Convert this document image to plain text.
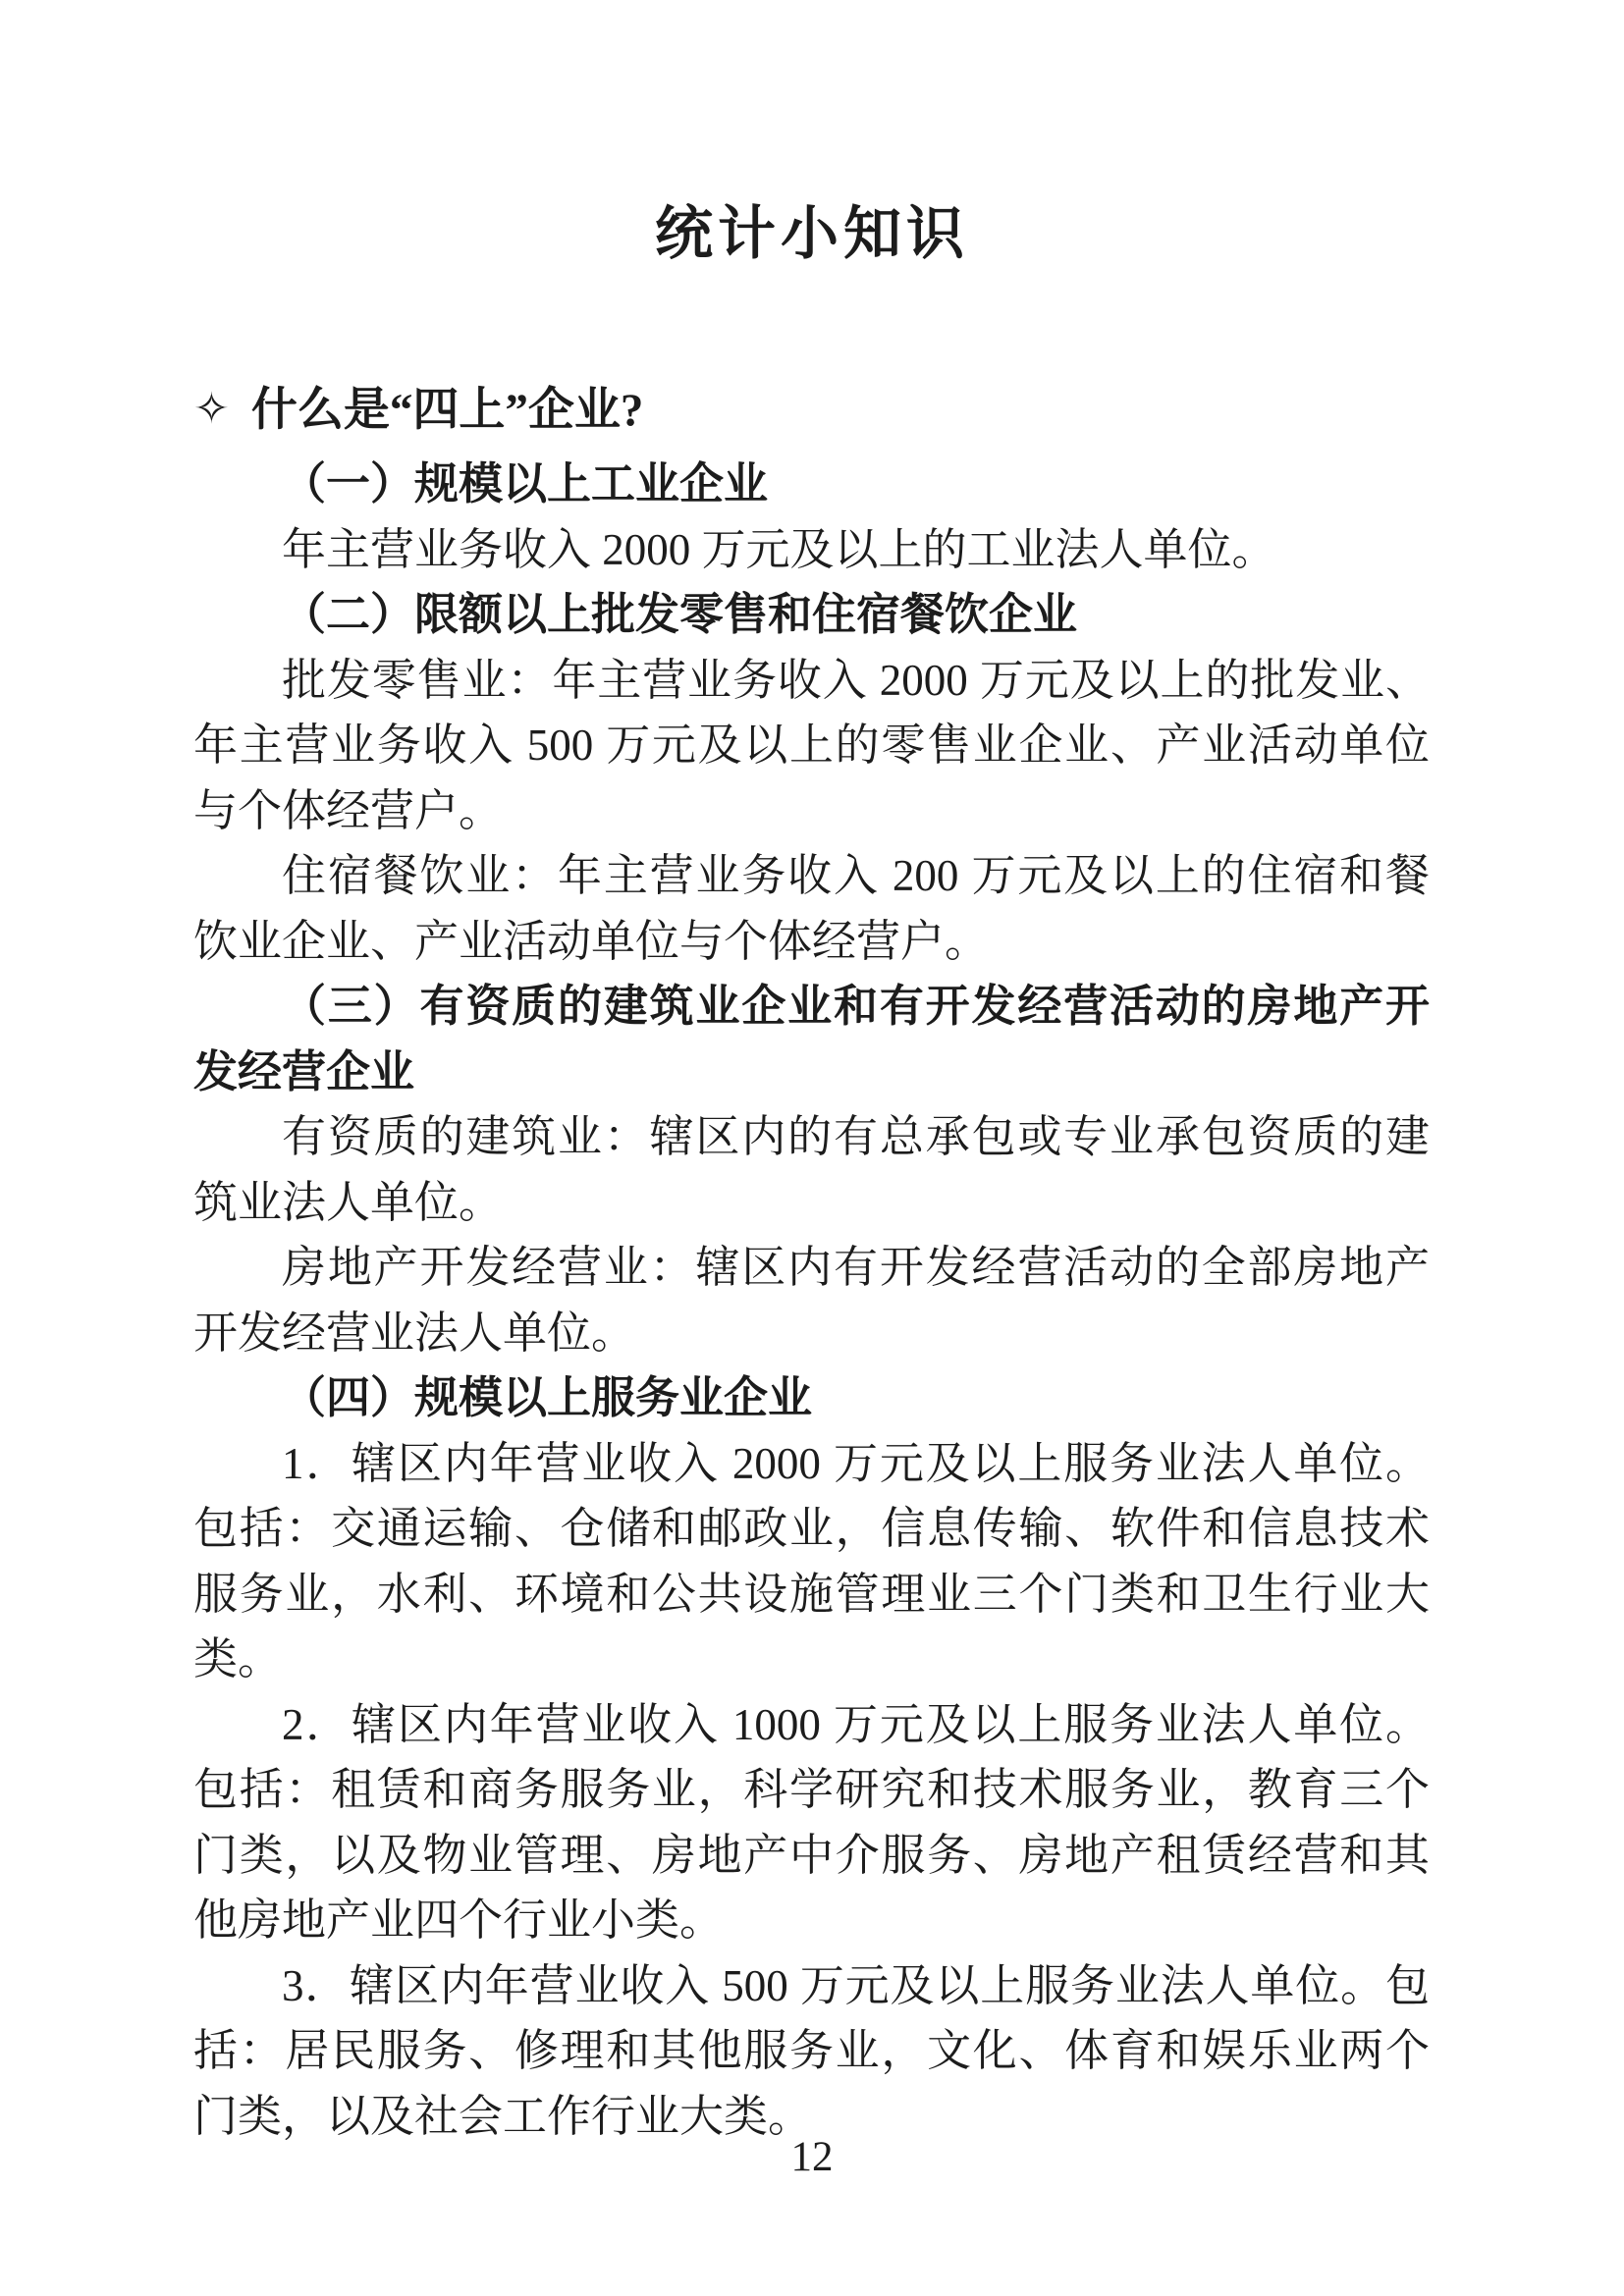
统计小知识

✧ 什么是“四上”企业?

（一）规模以上工业企业

年主营业务收入 2000 万元及以上的工业法人单位。

（二）限额以上批发零售和住宿餐饮企业

批发零售业：年主营业务收入 2000 万元及以上的批发业、年主营业务收入 500 万元及以上的零售业企业、产业活动单位与个体经营户。

住宿餐饮业：年主营业务收入 200 万元及以上的住宿和餐饮业企业、产业活动单位与个体经营户。

（三）有资质的建筑业企业和有开发经营活动的房地产开发经营企业

有资质的建筑业：辖区内的有总承包或专业承包资质的建筑业法人单位。

房地产开发经营业：辖区内有开发经营活动的全部房地产开发经营业法人单位。

（四）规模以上服务业企业

1．辖区内年营业收入 2000 万元及以上服务业法人单位。包括：交通运输、仓储和邮政业，信息传输、软件和信息技术服务业，水利、环境和公共设施管理业三个门类和卫生行业大类。

2．辖区内年营业收入 1000 万元及以上服务业法人单位。包括：租赁和商务服务业，科学研究和技术服务业，教育三个门类，以及物业管理、房地产中介服务、房地产租赁经营和其他房地产业四个行业小类。

3．辖区内年营业收入 500 万元及以上服务业法人单位。包括：居民服务、修理和其他服务业，文化、体育和娱乐业两个门类，以及社会工作行业大类。

12
